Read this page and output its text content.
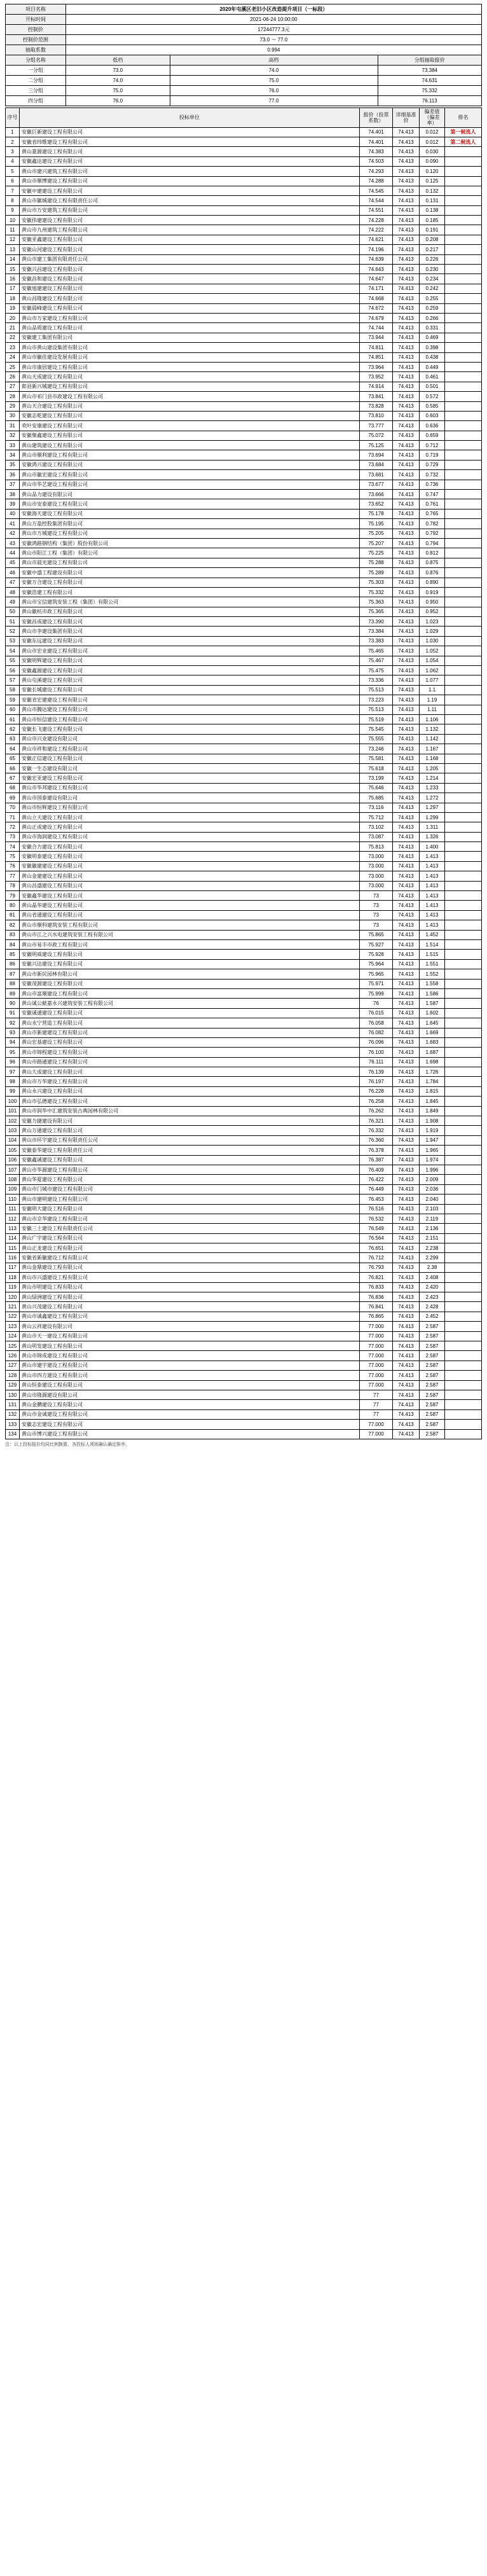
项目名称	2020年屯溪区老旧小区改造提升项目（一标段）		
开标时间	2021-06-24 10:00:00		
控制价	17244777.3元		
控制价范围	73.0 ～ 77.0		
抽取系数	0.994		
分组名称	低档	高档	分组抽取报价
一分组	73.0	74.0	73.384
二分组	74.0	75.0	74.631
三分组	75.0	76.0	75.332
四分组	76.0	77.0	76.113
序号	投标单位	报价（投票系数）	详细基准价	偏差值（偏差率）	排名
1	安徽巨新建设工程有限公司	74.401	74.413	0.012	第一候选人
2	安徽省纬维建设工程有限公司	74.401	74.413	0.012	第二候选人
3	黄山嘉源建设工程有限公司	74.383	74.413	0.030	
4	安徽鑫达建设工程有限公司	74.503	74.413	0.090	
5	黄山市建兴建筑工程有限公司	74.293	74.413	0.120	
6	黄山市顺博建设工程有限公司	74.288	74.413	0.125	
7	安徽中建建设工程有限公司	74.545	74.413	0.132	
8	黄山市徽城建设工程有限责任公司	74.544	74.413	0.131	
9	黄山市万安建筑工程有限公司	74.551	74.413	0.138	
10	安徽伟建建设工程有限公司	74.228	74.413	0.185	
11	黄山市九州建筑工程有限公司	74.222	74.413	0.191	
12	安徽亚鑫建设工程有限公司	74.621	74.413	0.208	
13	安徽山河建设工程有限公司	74.196	74.413	0.217	
14	黄山市建工集团有限责任公司	74.639	74.413	0.226	
15	安徽兴昌建设工程有限公司	74.643	74.413	0.230	
16	安徽昌和建设工程有限公司	74.647	74.413	0.234	
17	安徽旭建建设工程有限公司	74.171	74.413	0.242	
18	黄山昌隆建设工程有限公司	74.668	74.413	0.255	
19	安徽晨峰建设工程有限公司	74.672	74.413	0.259	
20	黄山市万家建设工程有限公司	74.679	74.413	0.266	
21	黄山品质建设工程有限公司	74.744	74.413	0.331	
22	安徽建工集团有限公司	73.944	74.413	0.469	
23	黄山市黄山建设集团有限公司	74.811	74.413	0.398	
24	黄山市徽佳建设发展有限公司	74.851	74.413	0.438	
25	黄山市康居建设工程有限公司	73.964	74.413	0.449	
26	黄山天成建设工程有限公司	73.952	74.413	0.461	
27	郎县新兴城建设工程有限公司	74.914	74.413	0.501	
28	黄山市祁门县市政建设工程有限公司	73.841	74.413	0.572	
29	黄山天合建设工程有限公司	73.828	74.413	0.585	
30	安徽志乾建设工程有限公司	73.810	74.413	0.603	
31	欢叶安康建设工程有限公司	73.777	74.413	0.636	
32	安徽聚鑫建设工程有限公司	75.072	74.413	0.659	
33	黄山建筑建设工程有限公司	75.125	74.413	0.712	
34	黄山市顺利建设工程有限公司	73.694	74.413	0.719	
35	安徽鸿兴建设工程有限公司	73.684	74.413	0.729	
36	黄山市徽宏建设工程有限公司	73.681	74.413	0.732	
37	黄山市华艺建设工程有限公司	73.677	74.413	0.736	
38	黄山品力建设有限公司	73.666	74.413	0.747	
39	黄山市安泰建设工程有限公司	73.652	74.413	0.761	
40	安徽海天建设工程有限公司	75.178	74.413	0.765	
41	黄山万盈控股集团有限公司	75.195	74.413	0.782	
42	黄山市万城建设工程有限公司	75.205	74.413	0.792	
43	安徽鸿路钢结构（集团）股份有限公司	75.207	74.413	0.794	
44	黄山市阳江工程（集团）有限公司	75.225	74.413	0.812	
45	黄山市晨光建设工程有限公司	75.288	74.413	0.875	
46	安徽中盛工程建设有限公司	75.289	74.413	0.876	
47	安徽万合建设工程有限公司	75.303	74.413	0.890	
48	安徽浩建工程有限公司	75.332	74.413	0.919	
49	黄山市宝信建筑安装工程（集团）有限公司	75.363	74.413	0.950	
50	黄山徽杭市政工程有限公司	75.365	74.413	0.952	
51	安徽昌成建设工程有限公司	73.390	74.413	1.023	
52	黄山市李建设集团有限公司	73.384	74.413	1.029	
53	安徽东远建设工程有限公司	73.383	74.413	1.030	
54	黄山市宏业建设工程有限公司	75.465	74.413	1.052	
55	安徽明辉建设工程有限公司	75.467	74.413	1.054	
56	安徽鑫源建设工程有限公司	75.475	74.413	1.062	
57	黄山屯溪建设工程有限公司	73.336	74.413	1.077	
58	安徽长城建设工程有限公司	75.513	74.413	1.1	
59	安徽省宏建建设工程有限公司	73.223	74.413	1.19	
60	黄山市腾达建设工程有限公司	75.513	74.413	1.11	
61	黄山市恒信建设工程有限公司	75.519	74.413	1.106	
62	安徽长飞建设工程有限公司	75.545	74.413	1.132	
63	黄山市兴业建设有限公司	75.555	74.413	1.142	
64	黄山市祥和建设工程有限公司	73.246	74.413	1.167	
65	安徽正信建设工程有限公司	75.581	74.413	1.168	
66	安徽一生态建设有限公司	75.618	74.413	1.205	
67	安徽宏亚建设工程有限公司	73.199	74.413	1.214	
68	黄山市华邦建设工程有限公司	75.646	74.413	1.233	
69	黄山市国泰建设有限公司	75.685	74.413	1.272	
70	黄山市恒辉建设工程有限公司	73.116	74.413	1.297	
71	黄山立天建设工程有限公司	75.712	74.413	1.299	
72	黄山正成建设工程有限公司	73.102	74.413	1.311	
73	黄山市海润建设工程有限公司	73.087	74.413	1.326	
74	安徽合力建设工程有限公司	75.813	74.413	1.400	
75	安徽明泰建设工程有限公司	73.000	74.413	1.413	
76	安徽徽建建设工程有限公司	73.000	74.413	1.413	
77	黄山金建建设工程有限公司	73.000	74.413	1.413	
78	黄山昌盛建设工程有限公司	73.000	74.413	1.413	
79	安徽鑫华建设工程有限公司	73	74.413	1.413	
80	黄山晶华建设工程有限公司	73	74.413	1.413	
81	黄山省通建设工程有限公司	73	74.413	1.413	
82	黄山市顺科建筑安装工程有限公司	73	74.413	1.413	
83	黄山市江之兴水电建筑安装工程有限公司	75.865	74.413	1.452	
84	黄山市易丰市政工程有限公司	75.927	74.413	1.514	
85	安徽明威建设工程有限公司	75.928	74.413	1.515	
86	安徽兴达建设工程有限公司	75.964	74.413	1.551	
87	黄山市新民园林有限公司	75.965	74.413	1.552	
88	安徽茂源建设工程有限公司	75.971	74.413	1.558	
89	黄山市富顺建设工程有限公司	75.999	74.413	1.586	
90	黄山诚公献嘉永兴建筑安装工程有限公司	76	74.413	1.587	
91	安徽诚通建设工程有限公司	76.015	74.413	1.602	
92	黄山永宁营造工程有限公司	76.058	74.413	1.645	
93	黄山市新建建设工程有限公司	76.082	74.413	1.669	
94	黄山宏基建设工程有限公司	76.096	74.413	1.683	
95	黄山市锦程建设工程有限公司	76.100	74.413	1.687	
96	黄山市路通建设工程有限公司	76.111	74.413	1.698	
97	黄山大成建设工程有限公司	76.139	74.413	1.726	
98	黄山市万华建设工程有限公司	76.197	74.413	1.784	
99	黄山永兴建设工程有限公司	76.228	74.413	1.815	
100	黄山市弘德建设工程有限公司	76.258	74.413	1.845	
101	黄山市润华中汇建筑安装古典园林有限公司	76.262	74.413	1.849	
102	安徽力捷建设有限公司	76.321	74.413	1.908	
103	黄山万通建设工程有限公司	76.332	74.413	1.919	
104	黄山市环宇建设工程有限责任公司	76.360	74.413	1.947	
105	安徽泰华建设工程有限责任公司	76.378	74.413	1.965	
106	安徽鑫诚建设工程有限公司	76.387	74.413	1.974	
107	黄山市华源建设工程有限公司	76.409	74.413	1.996	
108	黄山华夏建设工程有限公司	76.422	74.413	2.009	
109	黄山市门城市建设工程有限公司	76.449	74.413	2.036	
110	黄山市建明建设工程有限公司	76.453	74.413	2.040	
111	安徽明大建设工程有限公司	76.516	74.413	2.103	
112	黄山市京华建设工程有限公司	76.532	74.413	2.119	
113	安徽三土建设工程有限责任公司	76.549	74.413	2.136	
114	黄山广宇建设工程有限公司	76.564	74.413	2.151	
115	黄山正龙建设工程有限公司	76.651	74.413	2.238	
116	安徽省新徽建设工程有限公司	76.712	74.413	2.299	
117	黄山金鼎建设工程有限公司	76.793	74.413	2.38	
118	黄山市兴盛建设工程有限公司	76.821	74.413	2.408	
119	黄山市明建设工程有限公司	76.833	74.413	2.420	
120	黄山绿洲建设工程有限公司	76.836	74.413	2.423	
121	黄山兴茂建设工程有限公司	76.841	74.413	2.428	
122	黄山市诚鑫建设工程有限公司	76.865	74.413	2.452	
123	黄山云祥建设有限公司	77.000	74.413	2.587	
124	黄山市天一建设工程有限公司	77.000	74.413	2.587	
125	黄山明发建设工程有限公司	77.000	74.413	2.587	
126	黄山市锦成建设工程有限公司	77.000	74.413	2.587	
127	黄山市建宇建设工程有限公司	77.000	74.413	2.587	
128	黄山市四方建设工程有限公司	77.000	74.413	2.587	
129	黄山恒泰建设工程有限公司	77.000	74.413	2.587	
130	黄山市隆源建设有限公司	77	74.413	2.587	
131	黄山金鹏建设工程有限公司	77	74.413	2.587	
132	黄山市金诚建设工程有限公司	77	74.413	2.587	
133	安徽志宏建设工程有限公司	77.000	74.413	2.587	
134	黄山市博兴建设工程有限公司	77.000	74.413	2.587	
注：以上投标报价均同比例换算，各投标人须阅确认确定排序。
